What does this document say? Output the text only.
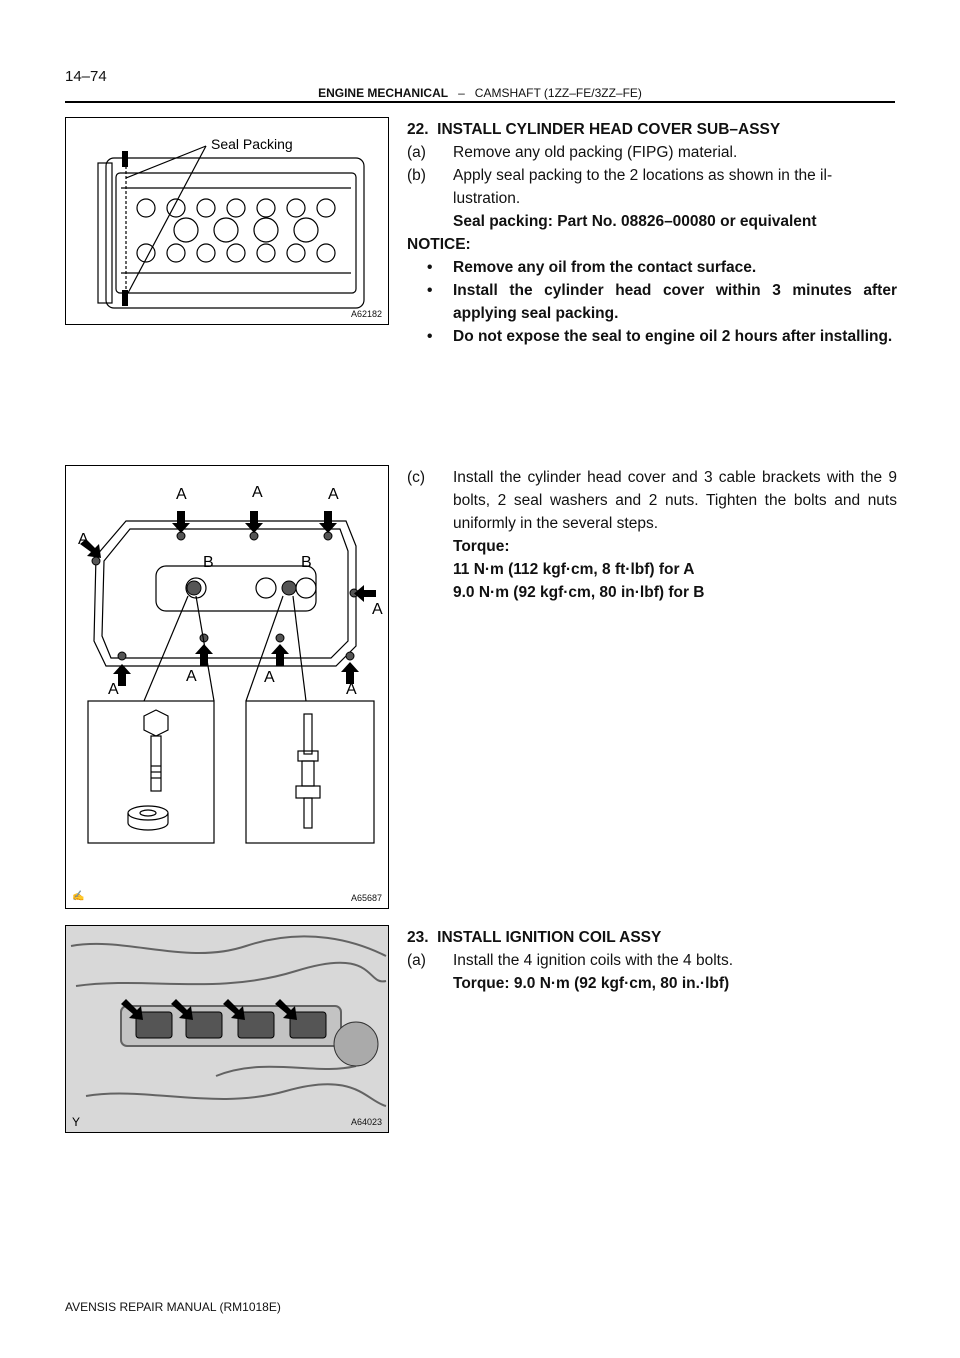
14–74
ENGINE MECHANICAL – CAMSHAFT (1ZZ–FE/3ZZ–FE)
Seal Packing
A62182
A	A	A
A
A
A
A	A
A
B	B
✍	A65687
Y	A64023
22.  INSTALL CYLINDER HEAD COVER SUB–ASSY
(a) Remove any old packing (FIPG) material.
(b) Apply seal packing to the 2 locations as shown in the il-
lustration.
Seal packing: Part No. 08826–00080 or equivalent
NOTICE:
• Remove any oil from the contact surface.
• Install the cylinder head cover within 3 minutes after applying seal packing.
• Do not expose the seal to engine oil 2 hours after installing.
(c) Install the cylinder head cover and 3 cable brackets with the 9 bolts, 2 seal washers and 2 nuts. Tighten the bolts and nuts uniformly in the several steps.
Torque:
11 N·m (112 kgf·cm, 8 ft·lbf) for A
9.0 N·m (92 kgf·cm, 80 in·lbf) for B
23.  INSTALL IGNITION COIL ASSY
(a) Install the 4 ignition coils with the 4 bolts.
Torque: 9.0 N·m (92 kgf·cm, 80 in.·lbf)
AVENSIS REPAIR MANUAL (RM1018E)
